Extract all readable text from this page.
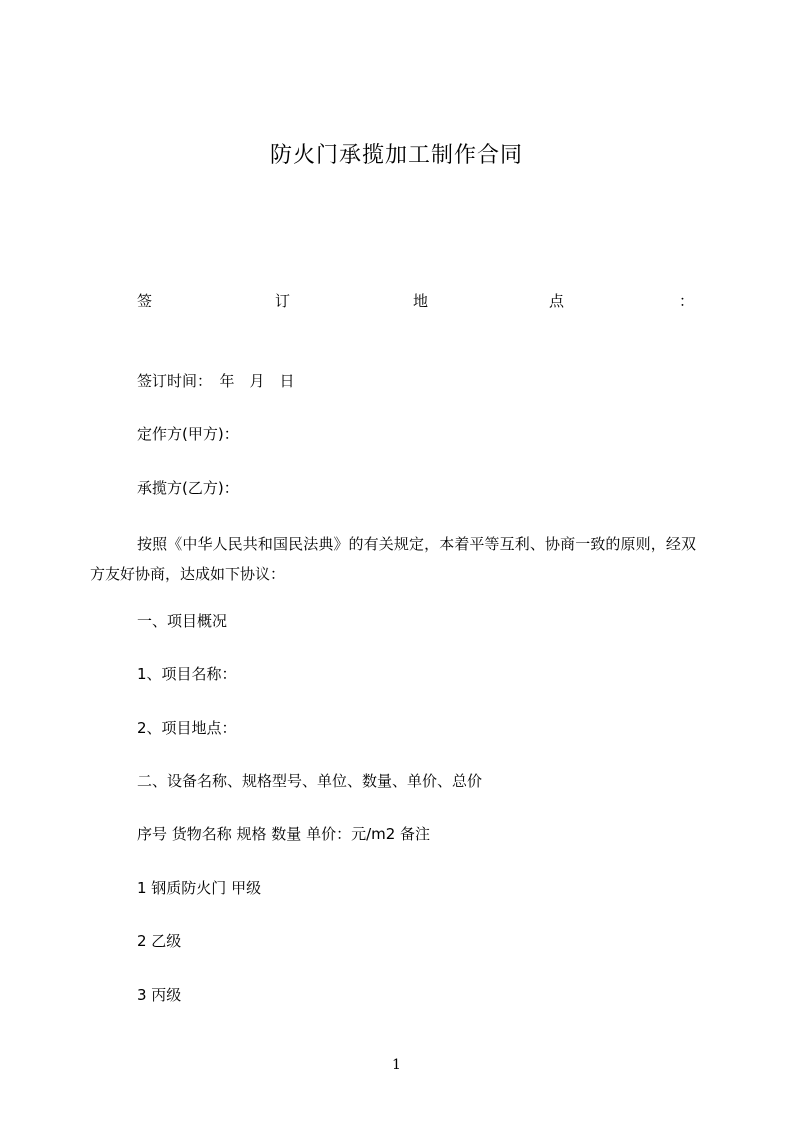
防火门承揽加工制作合同
签	订	地	点	：
签订时间：　年　月　日
定作方(甲方)：
承揽方(乙方)：
按照《中华人民共和国民法典》的有关规定，本着平等互利、协商一致的原则，经双方友好协商，达成如下协议：
一、项目概况
1、项目名称：
2、项目地点：
二、设备名称、规格型号、单位、数量、单价、总价
序号 货物名称 规格 数量 单价：元/m2 备注
1 钢质防火门 甲级
2 乙级
3 丙级
1
